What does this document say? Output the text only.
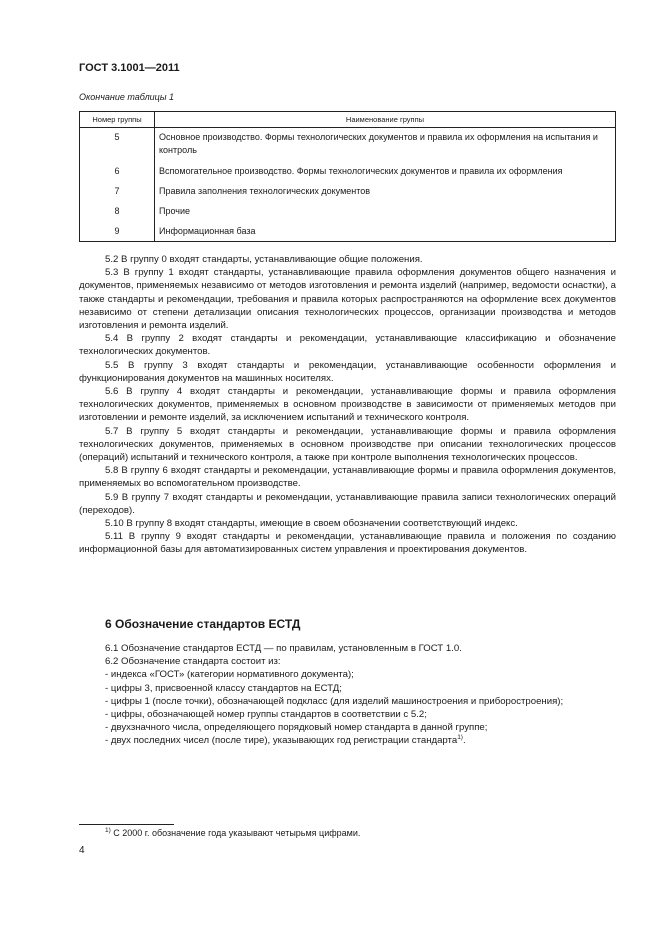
ГОСТ 3.1001—2011
Окончание таблицы 1
Номер группы	Наименование группы
5	Основное производство. Формы технологических документов и правила их оформления на испытания и контроль
6	Вспомогательное производство. Формы технологических документов и правила их оформления
7	Правила заполнения технологических документов
8	Прочие
9	Информационная база

5.2 В группу 0 входят стандарты, устанавливающие общие положения.

5.3 В группу 1 входят стандарты, устанавливающие правила оформления документов общего назначения и документов, применяемых независимо от методов изготовления и ремонта изделий (например, ведомости оснастки), а также стандарты и рекомендации, требования и правила которых распространяются на оформление всех документов независимо от степени детализации описания технологических процессов, организации производства и методов изготовления и ремонта изделий.

5.4 В группу 2 входят стандарты и рекомендации, устанавливающие классификацию и обозначение технологических документов.

5.5 В группу 3 входят стандарты и рекомендации, устанавливающие особенности оформления и функционирования документов на машинных носителях.

5.6 В группу 4 входят стандарты и рекомендации, устанавливающие формы и правила оформления технологических документов, применяемых в основном производстве в зависимости от применяемых методов при изготовлении и ремонте изделий, за исключением испытаний и технического контроля.

5.7 В группу 5 входят стандарты и рекомендации, устанавливающие формы и правила оформления технологических документов, применяемых в основном производстве при описании технологических процессов (операций) испытаний и технического контроля, а также при контроле выполнения технологических процессов.

5.8 В группу 6 входят стандарты и рекомендации, устанавливающие формы и правила оформления документов, применяемых во вспомогательном производстве.

5.9 В группу 7 входят стандарты и рекомендации, устанавливающие правила записи технологических операций (переходов).

5.10 В группу 8 входят стандарты, имеющие в своем обозначении соответствующий индекс.

5.11 В группу 9 входят стандарты и рекомендации, устанавливающие правила и положения по созданию информационной базы для автоматизированных систем управления и проектирования документов.

6 Обозначение стандартов ЕСТД

6.1 Обозначение стандартов ЕСТД — по правилам, установленным в ГОСТ 1.0.

6.2 Обозначение стандарта состоит из:

- индекса «ГОСТ» (категории нормативного документа);

- цифры 3, присвоенной классу стандартов на ЕСТД;

- цифры 1 (после точки), обозначающей подкласс (для изделий машиностроения и приборостроения);

- цифры, обозначающей номер группы стандартов в соответствии с 5.2;

- двухзначного числа, определяющего порядковый номер стандарта в данной группе;

- двух последних чисел (после тире), указывающих год регистрации стандарта$^{1)}$.

$^{1)}$ С 2000 г. обозначение года указывают четырьмя цифрами.
4
